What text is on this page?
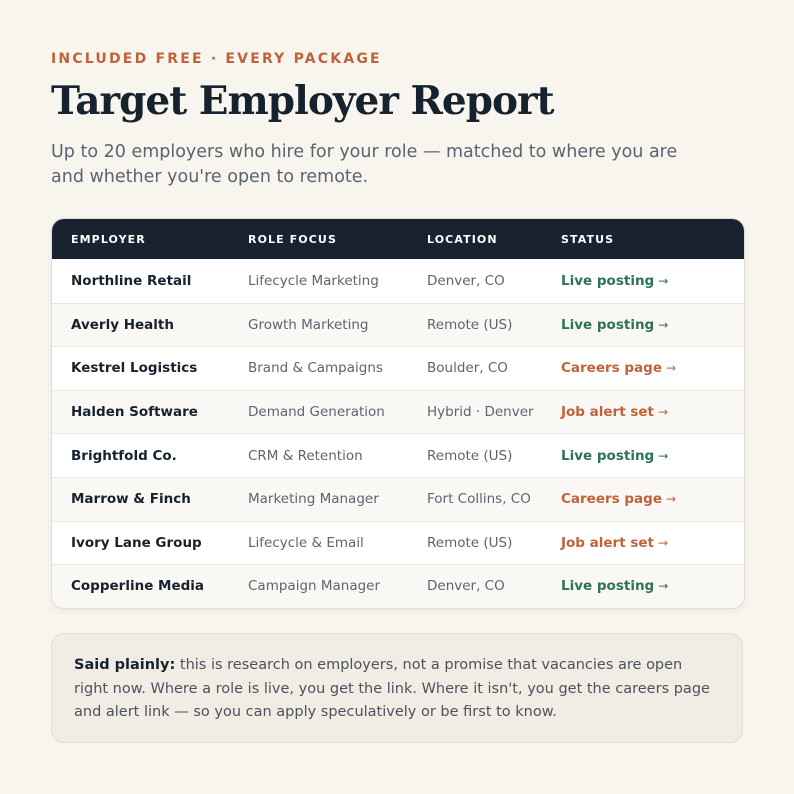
INCLUDED FREE · EVERY PACKAGE
Target Employer Report

Up to 20 employers who hire for your role — matched to where you are and whether you're open to remote.

EMPLOYER	ROLE FOCUS	LOCATION	STATUS
Northline Retail	Lifecycle Marketing	Denver, CO	Live posting →
Averly Health	Growth Marketing	Remote (US)	Live posting →
Kestrel Logistics	Brand & Campaigns	Boulder, CO	Careers page →
Halden Software	Demand Generation	Hybrid · Denver	Job alert set →
Brightfold Co.	CRM & Retention	Remote (US)	Live posting →
Marrow & Finch	Marketing Manager	Fort Collins, CO	Careers page →
Ivory Lane Group	Lifecycle & Email	Remote (US)	Job alert set →
Copperline Media	Campaign Manager	Denver, CO	Live posting →
Said plainly: this is research on employers, not a promise that vacancies are open right now. Where a role is live, you get the link. Where it isn't, you get the careers page and alert link — so you can apply speculatively or be first to know.
